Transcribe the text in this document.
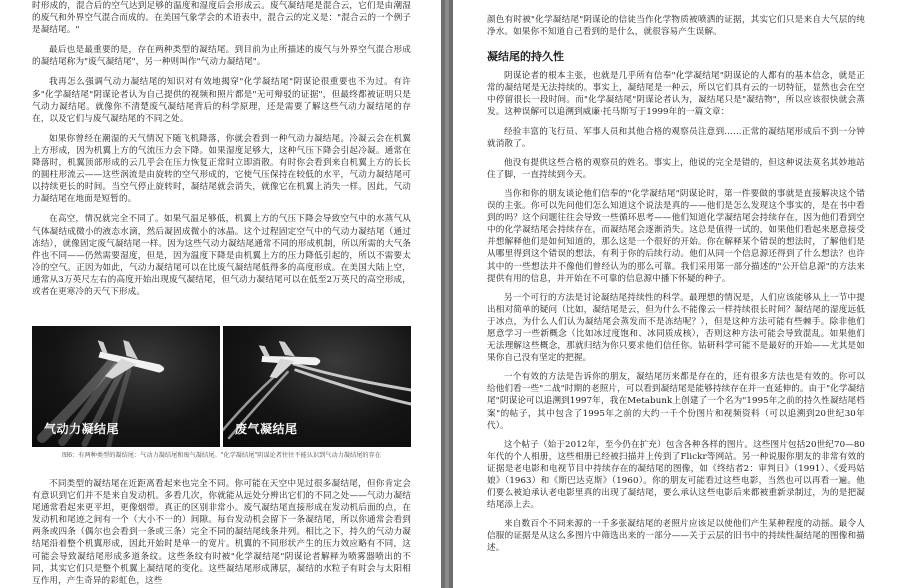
时形成的，混合后的空气达到足够的温度和湿度后会形成云。废气凝结尾是混合云，它们是由潮湿的废气和外界空气混合而成的。在美国气象学会的术语表中，混合云的定义是："混合云的一个例子是凝结尾。"

最后也是最重要的是，存在两种类型的凝结尾。到目前为止所描述的废气与外界空气混合形成的凝结尾称为"废气凝结尾"，另一种则叫作"气动力凝结尾"。

我再怎么强调气动力凝结尾的知识对有效地揭穿"化学凝结尾"阴谋论很重要也不为过。有许多"化学凝结尾"阴谋论者认为自己提供的视频和照片都是"无可辩驳的证据"，但最终都被证明只是气动力凝结尾。就像你不清楚废气凝结尾背后的科学原理，还是需要了解这些气动力凝结尾的存在，以及它们与废气凝结尾的不同之处。

如果你曾经在潮湿的天气情况下随飞机降落，你就会看到一种气动力凝结尾。冷凝云会在机翼上方形成，因为机翼上方的气流压力会下降。如果湿度足够大，这种气压下降会引起冷凝。通常在降落时，机翼顶部形成的云几乎会在压力恢复正常时立即消散。有时你会看到来自机翼上方的长长的圆柱形流云——这些涡流是由旋转的空气形成的，它使气压保持在较低的水平，气动力凝结尾可以持续更长的时间。当空气停止旋转时，凝结尾就会消失，就像它在机翼上消失一样。因此，气动力凝结尾在地面是短暂的。

在高空，情况就完全不同了。如果气温足够低，机翼上方的气压下降会导致空气中的水蒸气从气体凝结成微小的液态水滴，然后凝固成微小的冰晶。这个过程固定空气中的气动力凝结尾（通过冻结），就像固定废气凝结尾一样。因为这些气动力凝结尾通常不同的形成机制，所以所需的大气条件也不同——仍然需要湿度，但是，因为温度下降是由机翼上方的压力降低引起的，所以不需要太冷的空气。正因为如此，气动力凝结尾可以在比废气凝结尾低得多的高度形成。在美国大陆上空，通常从3万英尺左右的高度开始出现废气凝结尾，但气动力凝结尾可以在低至2万英尺的高空形成，或者在更寒冷的天气下形成。

气动力凝结尾	废气凝结尾
图6：有两种类型的凝结尾：气动力凝结尾和废气凝结尾。"化学凝结尾"阴谋论者往往不能认识到气动力凝结尾的存在

不同类型的凝结尾在近距离看起来也完全不同。你可能在天空中见过很多凝结尾，但你肯定会有意识到它们并不是来自发动机。多看几次，你就能从远处分辨出它们的不同之处——气动力凝结尾通常看起来更平坦，更像烟带。真正的区别非常小。废气凝结尾直接形成在发动机后面的点，在发动机和尾迹之间有一个（大小不一的）间隙。每台发动机会留下一条凝结尾，所以你通常会看到两条或四条（偶尔也会看到一条或三条）完全不同的凝结尾线条并列。相比之下，持久的气动力凝结尾沿着整个机翼形成，因此开始时是单一的宽片。机翼的不同形状产生的压力效应略有不同，这可能会导致凝结尾形成多道条纹。这些条纹有时被"化学凝结尾"阴谋论者解释为喷雾器喷出的不同，其实它们只是整个机翼上凝结尾的变化。这些凝结尾形成薄层，凝结的水粒子有时会与太阳相互作用，产生奇异的彩虹色，这些

颜色有时被"化学凝结尾"阴谋论的信徒当作化学物质被喷洒的证据，其实它们只是来自大气层的纯净水。如果你不知道自己看到的是什么，就很容易产生误解。

凝结尾的持久性

阴谋论者的根本主张，也就是几乎所有信奉"化学凝结尾"阴谋论的人都有的基本信念，就是正常的凝结尾是无法持续的。事实上，凝结尾是一种云，所以它们具有云的一切特征，显然也会在空中停留很长一段时间。而"化学凝结尾"阴谋论者认为，凝结尾只是"凝结物"，所以应该很快就会蒸发。这种误解可以追溯到威廉·托马斯写于1999年的一篇文章：

经验丰富的飞行员、军事人员和其他合格的观察员注意到……正常的凝结尾形成后不到一分钟就消散了。

他没有提供这些合格的观察员的姓名。事实上，他说的完全是错的，但这种说法莫名其妙地站住了脚，一直持续到今天。

当你和你的朋友谈论他们信奉的"化学凝结尾"阴谋论时，第一件要做的事就是直接解决这个错误的主张。你可以先问他们怎么知道这个说法是真的——他们是怎么发现这个事实的，是在书中看到的吗？这个问题往往会导致一些循环思考——他们知道化学凝结尾会持续存在，因为他们看到空中的化学凝结尾会持续存在，而凝结尾会逐渐消失。这总是值得一试的，如果他们看起来愿意接受并想解释他们是如何知道的，那么这是一个很好的开始。你在解释某个错误的想法时，了解他们是从哪里得到这个错误的想法，有利于你的后续行动。他们从同一个信息源还得到了什么想法？也许其中的一些想法并不像他们曾经认为的那么可靠。我们采用第一部分描述的"公开信息源"的方法来提供有用的信息，并开始在不可靠的信息源中播下怀疑的种子。

另一个可行的方法是讨论凝结尾持续性的科学。最理想的情况是，人们应该能够从上一节中提出相对简单的疑问（比如，凝结尾是云，但为什么不能像云一样持续很长时间？凝结尾的湿度远低于冰点，为什么人们认为凝结尾会蒸发而不是冻结呢？），但是这种方法可能有些棘手。除非他们愿意学习一些新概念（比如冰过度饱和、冰同质成核），否则这种方法可能会导致混乱。如果他们无法理解这些概念，那就归结为你只要求他们信任你。钻研科学可能不是最好的开始——尤其是如果你自己没有坚定的把握。

一个有效的方法是告诉你的朋友，凝结尾历来都是存在的，还有很多方法也是有效的。你可以给他们看一些"二战"时期的老照片，可以看到凝结尾是能够持续存在并一直延伸的。由于"化学凝结尾"阴谋论可以追溯到1997年，我在Metabunk上创建了一个名为"1995年之前的持久性凝结尾档案"的帖子，其中包含了1995年之前的大约一千个份图片和视频资料（可以追溯到20世纪30年代）。

这个帖子（始于2012年，至今仍在扩充）包含各种各样的图片。这些图片包括20世纪70—80年代的个人相册，这些相册已经被扫描并上传到了Flickr等网站。另一种说服你朋友的非常有效的证据是老电影和电视节目中持续存在的凝结尾的图像，如《终结者2：审判日》（1991）、《爱玛姑娘》（1963）和《斯巴达克斯》（1960）。你的朋友可能看过这些电影，当然也可以再看一遍。他们要么被迫承认老电影里真的出现了凝结尾，要么承认这些电影后来都被重新录制过，为的是把凝结尾添上去。

来自数百个不同来源的一千多张凝结尾的老照片应该足以使他们产生某种程度的动摇。最令人信服的证据是从这么多图片中筛选出来的一部分——关于云层的旧书中的持续性凝结尾的图像和描述。
